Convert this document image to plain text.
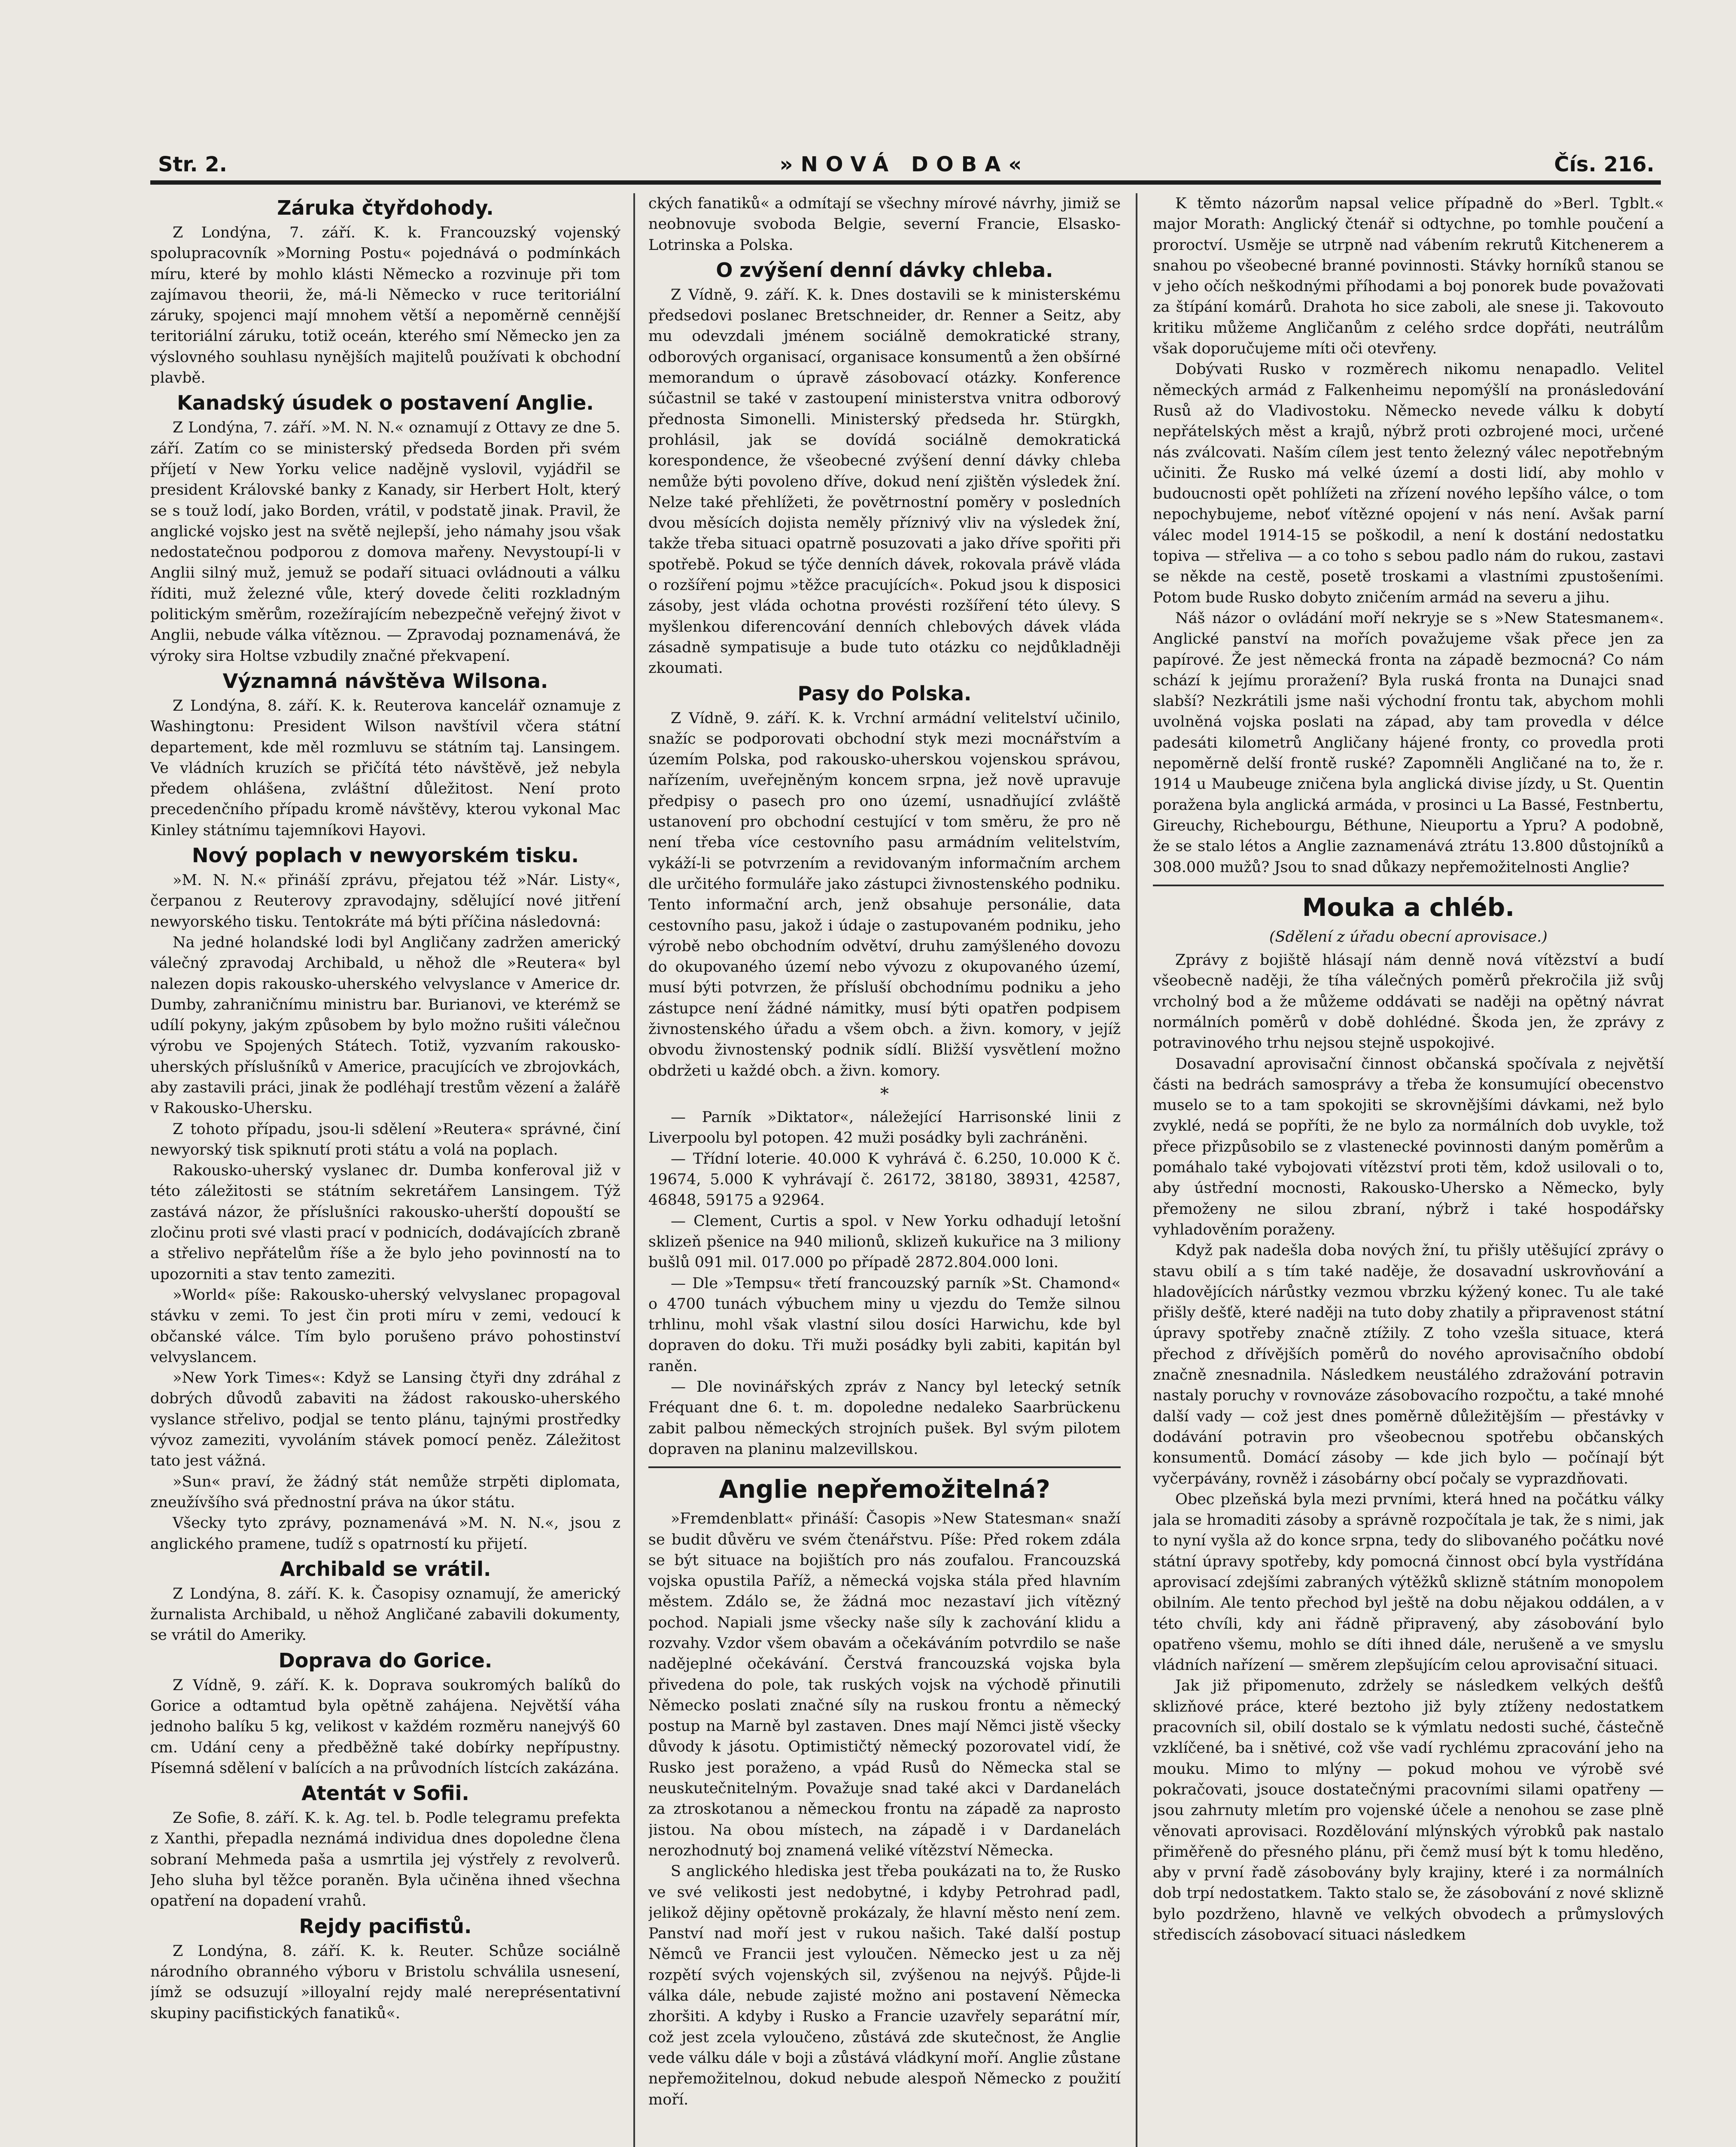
Str. 2.	»NOVÁ DOBA«	Čís. 216.
Záruka čtyřdohody.

Z Londýna, 7. září. K. k. Francouzský vojenský spolupracovník »Morning Postu« pojednává o podmínkách míru, které by mohlo klásti Německo a rozvinuje při tom zajímavou theorii, že, má-li Německo v ruce teritoriální záruky, spojenci mají mnohem větší a nepoměrně cennější teritoriální záruku, totiž oceán, kterého smí Německo jen za výslovného souhlasu nynějších majitelů používati k obchodní plavbě.

Kanadský úsudek o postavení Anglie.

Z Londýna, 7. září. »M. N. N.« oznamují z Ottavy ze dne 5. září. Zatím co se ministerský předseda Borden při svém příjetí v New Yorku velice nadějně vyslovil, vyjádřil se president Královské banky z Kanady, sir Herbert Holt, který se s touž lodí, jako Borden, vrátil, v podstatě jinak. Pravil, že anglické vojsko jest na světě nejlepší, jeho námahy jsou však nedostatečnou podporou z domova mařeny. Nevystoupí-li v Anglii silný muž, jemuž se podaří situaci ovládnouti a válku říditi, muž železné vůle, který dovede čeliti rozkladným politickým směrům, rozežírajícím nebezpečně veřejný život v Anglii, nebude válka vítěznou. — Zpravodaj poznamenává, že výroky sira Holtse vzbudily značné překvapení.

Významná návštěva Wilsona.

Z Londýna, 8. září. K. k. Reuterova kancelář oznamuje z Washingtonu: President Wilson navštívil včera státní departement, kde měl rozmluvu se státním taj. Lansingem. Ve vládních kruzích se přičítá této návštěvě, jež nebyla předem ohlášena, zvláštní důležitost. Není proto precedenčního případu kromě návštěvy, kterou vykonal Mac Kinley státnímu tajemníkovi Hayovi.

Nový poplach v newyorském tisku.

»M. N. N.« přináší zprávu, přejatou též »Nár. Listy«, čerpanou z Reuterovy zpravodajny, sdělující nové jitření newyorského tisku. Tentokráte má býti příčina následovná:

Na jedné holandské lodi byl Angličany zadržen americký válečný zpravodaj Archibald, u něhož dle »Reutera« byl nalezen dopis rakousko-uherského velvyslance v Americe dr. Dumby, zahraničnímu ministru bar. Burianovi, ve kterémž se udílí pokyny, jakým způsobem by bylo možno rušiti válečnou výrobu ve Spojených Státech. Totiž, vyzvaním rakousko-uherských příslušníků v Americe, pracujících ve zbrojovkách, aby zastavili práci, jinak že podléhají trestům vězení a žalářě v Rakousko-Uhersku.

Z tohoto případu, jsou-li sdělení »Reutera« správné, činí newyorský tisk spiknutí proti státu a volá na poplach.

Rakousko-uherský vyslanec dr. Dumba konferoval již v této záležitosti se státním sekretářem Lansingem. Týž zastává názor, že příslušníci rakousko-uherští dopouští se zločinu proti své vlasti prací v podnicích, dodávajících zbraně a střelivo nepřátelům říše a že bylo jeho povinností na to upozorniti a stav tento zameziti.

»World« píše: Rakousko-uherský velvyslanec propagoval stávku v zemi. To jest čin proti míru v zemi, vedoucí k občanské válce. Tím bylo porušeno právo pohostinství velvyslancem.

»New York Times«: Když se Lansing čtyři dny zdráhal z dobrých důvodů zabaviti na žádost rakousko-uherského vyslance střelivo, podjal se tento plánu, tajnými prostředky vývoz zameziti, vyvoláním stávek pomocí peněz. Záležitost tato jest vážná.

»Sun« praví, že žádný stát nemůže strpěti diplomata, zneužívšího svá přednostní práva na úkor státu.

Všecky tyto zprávy, poznamenává »M. N. N.«, jsou z anglického pramene, tudíž s opatrností ku přijetí.

Archibald se vrátil.

Z Londýna, 8. září. K. k. Časopisy oznamují, že americký žurnalista Archibald, u něhož Angličané zabavili dokumenty, se vrátil do Ameriky.

Doprava do Gorice.

Z Vídně, 9. září. K. k. Doprava soukromých balíků do Gorice a odtamtud byla opětně zahájena. Největší váha jednoho balíku 5 kg, velikost v každém rozměru nanejvýš 60 cm. Udání ceny a předběžně také dobírky nepřípustny. Písemná sdělení v balících a na průvodních lístcích zakázána.

Atentát v Sofii.

Ze Sofie, 8. září. K. k. Ag. tel. b. Podle telegramu prefekta z Xanthi, přepadla neznámá individua dnes dopoledne člena sobraní Mehmeda paša a usmrtila jej výstřely z revolverů. Jeho sluha byl těžce poraněn. Byla učiněna ihned všechna opatření na dopadení vrahů.

Rejdy pacifistů.

Z Londýna, 8. září. K. k. Reuter. Schůze sociálně národního obranného výboru v Bristolu schválila usnesení, jímž se odsuzují »illoyalní rejdy malé nereprésentativní skupiny pacifistických fanatiků«.

ckých fanatiků« a odmítají se všechny mírové návrhy, jimiž se neobnovuje svoboda Belgie, severní Francie, Elsasko-Lotrinska a Polska.

O zvýšení denní dávky chleba.

Z Vídně, 9. září. K. k. Dnes dostavili se k ministerskému předsedovi poslanec Bretschneider, dr. Renner a Seitz, aby mu odevzdali jménem sociálně demokratické strany, odborových organisací, organisace konsumentů a žen obšírné memorandum o úpravě zásobovací otázky. Konference súčastnil se také v zastoupení ministerstva vnitra odborový přednosta Simonelli. Ministerský předseda hr. Stürgkh, prohlásil, jak se dovídá sociálně demokratická korespondence, že všeobecné zvýšení denní dávky chleba nemůže býti povoleno dříve, dokud není zjištěn výsledek žní. Nelze také přehlížeti, že povětrnostní poměry v posledních dvou měsících dojista neměly příznivý vliv na výsledek žní, takže třeba situaci opatrně posuzovati a jako dříve spořiti při spotřebě. Pokud se týče denních dávek, rokovala právě vláda o rozšíření pojmu »těžce pracujících«. Pokud jsou k disposici zásoby, jest vláda ochotna provésti rozšíření této úlevy. S myšlenkou diferencování denních chlebových dávek vláda zásadně sympatisuje a bude tuto otázku co nejdůkladněji zkoumati.

Pasy do Polska.

Z Vídně, 9. září. K. k. Vrchní armádní velitelství učinilo, snažíc se podporovati obchodní styk mezi mocnářstvím a územím Polska, pod rakousko-uherskou vojenskou správou, nařízením, uveřejněným koncem srpna, jež nově upravuje předpisy o pasech pro ono území, usnadňující zvláště ustanovení pro obchodní cestující v tom směru, že pro ně není třeba více cestovního pasu armádním velitelstvím, vykáží-li se potvrzením a revidovaným informačním archem dle určitého formuláře jako zástupci živnostenského podniku. Tento informační arch, jenž obsahuje personálie, data cestovního pasu, jakož i údaje o zastupovaném podniku, jeho výrobě nebo obchodním odvětví, druhu zamýšleného dovozu do okupovaného území nebo vývozu z okupovaného území, musí býti potvrzen, že přísluší obchodnímu podniku a jeho zástupce není žádné námitky, musí býti opatřen podpisem živnostenského úřadu a všem obch. a živn. komory, v jejíž obvodu živnostenský podnik sídlí. Bližší vysvětlení možno obdržeti u každé obch. a živn. komory.

*

— Parník »Diktator«, náležející Harrisonské linii z Liverpoolu byl potopen. 42 muži posádky byli zachráněni.

— Třídní loterie. 40.000 K vyhrává č. 6.250, 10.000 K č. 19674, 5.000 K vyhrávají č. 26172, 38180, 38931, 42587, 46848, 59175 a 92964.

— Clement, Curtis a spol. v New Yorku odhadují letošní sklizeň pšenice na 940 milionů, sklizeň kukuřice na 3 miliony bušlů 091 mil. 017.000 po případě 2872.804.000 loni.

— Dle »Tempsu« třetí francouzský parník »St. Chamond« o 4700 tunách výbuchem miny u vjezdu do Temže silnou trhlinu, mohl však vlastní silou dosíci Harwichu, kde byl dopraven do doku. Tři muži posádky byli zabiti, kapitán byl raněn.

— Dle novinářských zpráv z Nancy byl letecký setník Fréquant dne 6. t. m. dopoledne nedaleko Saarbrückenu zabit palbou německých strojních pušek. Byl svým pilotem dopraven na planinu malzevillskou.

Anglie nepřemožitelná?

»Fremdenblatt« přináší: Časopis »New Statesman« snaží se budit důvěru ve svém čtenářstvu. Píše: Před rokem zdála se být situace na bojištích pro nás zoufalou. Francouzská vojska opustila Paříž, a německá vojska stála před hlavním městem. Zdálo se, že žádná moc nezastaví jich vítězný pochod. Napiali jsme všecky naše síly k zachování klidu a rozvahy. Vzdor všem obavám a očekáváním potvrdilo se naše nadějeplné očekávání. Čerstvá francouzská vojska byla přivedena do pole, tak ruských vojsk na východě přinutili Německo poslati značné síly na ruskou frontu a německý postup na Marně byl zastaven. Dnes mají Němci jistě všecky důvody k jásotu. Optimističtý německý pozorovatel vidí, že Rusko jest poraženo, a vpád Rusů do Německa stal se neuskutečnitelným. Považuje snad také akci v Dardanelách za ztroskotanou a německou frontu na západě za naprosto jistou. Na obou místech, na západě i v Dardanelách nerozhodnutý boj znamená veliké vítězství Německa.

S anglického hlediska jest třeba poukázati na to, že Rusko ve své velikosti jest nedobytné, i kdyby Petrohrad padl, jelikož dějiny opětovně prokázaly, že hlavní město není zem. Panství nad moří jest v rukou našich. Také další postup Němců ve Francii jest vyloučen. Německo jest u za něj rozpětí svých vojenských sil, zvýšenou na nejvýš. Půjde-li válka dále, nebude zajisté možno ani postavení Německa zhoršiti. A kdyby i Rusko a Francie uzavřely separátní mír, což jest zcela vyloučeno, zůstává zde skutečnost, že Anglie vede válku dále v boji a zůstává vládkyní moří. Anglie zůstane nepřemožitelnou, dokud nebude alespoň Německo z použití moří.

K těmto názorům napsal velice případně do »Berl. Tgblt.« major Morath: Anglický čtenář si odtychne, po tomhle poučení a proroctví. Usměje se utrpně nad vábením rekrutů Kitchenerem a snahou po všeobecné branné povinnosti. Stávky horníků stanou se v jeho očích neškodnými příhodami a boj ponorek bude považovati za štípání komárů. Drahota ho sice zaboli, ale snese ji. Takovouto kritiku můžeme Angličanům z celého srdce dopřáti, neutrálům však doporučujeme míti oči otevřeny.

Dobývati Rusko v rozměrech nikomu nenapadlo. Velitel německých armád z Falkenheimu nepomýšlí na pronásledování Rusů až do Vladivostoku. Německo nevede válku k dobytí nepřátelských měst a krajů, nýbrž proti ozbrojené moci, určené nás zválcovati. Naším cílem jest tento železný válec nepotřebným učiniti. Že Rusko má velké území a dosti lidí, aby mohlo v budoucnosti opět pohlížeti na zřízení nového lepšího válce, o tom nepochybujeme, neboť vítězné opojení v nás není. Avšak parní válec model 1914-15 se poškodil, a není k dostání nedostatku topiva — střeliva — a co toho s sebou padlo nám do rukou, zastavi se někde na cestě, posetě troskami a vlastními zpustošeními. Potom bude Rusko dobyto zničením armád na severu a jihu.

Náš názor o ovládání moří nekryje se s »New Statesmanem«. Anglické panství na mořích považujeme však přece jen za papírové. Že jest německá fronta na západě bezmocná? Co nám schází k jejímu proražení? Byla ruská fronta na Dunajci snad slabší? Nezkrátili jsme naši východní frontu tak, abychom mohli uvolněná vojska poslati na západ, aby tam provedla v délce padesáti kilometrů Angličany hájené fronty, co provedla proti nepoměrně delší frontě ruské? Zapomněli Angličané na to, že r. 1914 u Maubeuge zničena byla anglická divise jízdy, u St. Quentin poražena byla anglická armáda, v prosinci u La Bassé, Festnbertu, Gireuchy, Richebourgu, Béthune, Nieuportu a Ypru? A podobně, že se stalo létos a Anglie zaznamenává ztrátu 13.800 důstojníků a 308.000 mužů? Jsou to snad důkazy nepřemožitelnosti Anglie?

Mouka a chléb.
(Sdělení z úřadu obecní aprovisace.)

Zprávy z bojiště hlásají nám denně nová vítězství a budí všeobecně naději, že tíha válečných poměrů překročila již svůj vrcholný bod a že můžeme oddávati se naději na opětný návrat normálních poměrů v době dohlédné. Škoda jen, že zprávy z potravinového trhu nejsou stejně uspokojivé.

Dosavadní aprovisační činnost občanská spočívala z největší části na bedrách samosprávy a třeba že konsumující obecenstvo muselo se to a tam spokojiti se skrovnějšími dávkami, než bylo zvyklé, nedá se popříti, že ne bylo za normálních dob uvykle, tož přece přizpůsobilo se z vlastenecké povinnosti daným poměrům a pomáhalo také vybojovati vítězství proti těm, kdož usilovali o to, aby ústřední mocnosti, Rakousko-Uhersko a Německo, byly přemoženy ne silou zbraní, nýbrž i také hospodářsky vyhladověním poraženy.

Když pak nadešla doba nových žní, tu přišly utěšující zprávy o stavu obilí a s tím také naděje, že dosavadní uskrovňování a hladovějících nárůstky vezmou vbrzku kýžený konec. Tu ale také přišly dešťě, které naději na tuto doby zhatily a připravenost státní úpravy spotřeby značně ztížily. Z toho vzešla situace, která přechod z dřívějších poměrů do nového aprovisačního období značně znesnadnila. Následkem neustálého zdražování potravin nastaly poruchy v rovnováze zásobovacího rozpočtu, a také mnohé další vady — což jest dnes poměrně důležitějším — přestávky v dodávání potravin pro všeobecnou spotřebu občanských konsumentů. Domácí zásoby — kde jich bylo — počínají být vyčerpávány, rovněž i zásobárny obcí počaly se vyprazdňovati.

Obec plzeňská byla mezi prvními, která hned na počátku války jala se hromaditi zásoby a správně rozpočítala je tak, že s nimi, jak to nyní vyšla až do konce srpna, tedy do slibovaného počátku nové státní úpravy spotřeby, kdy pomocná činnost obcí byla vystřídána aprovisací zdejšími zabraných výtěžků sklizně státním monopolem obilním. Ale tento přechod byl ještě na dobu nějakou oddálen, a v této chvíli, kdy ani řádně připravený, aby zásobování bylo opatřeno všemu, mohlo se díti ihned dále, nerušeně a ve smyslu vládních nařízení — směrem zlepšujícím celou aprovisační situaci.

Jak již připomenuto, zdržely se následkem velkých dešťů sklizňové práce, které beztoho již byly ztíženy nedostatkem pracovních sil, obilí dostalo se k výmlatu nedosti suché, částečně vzklíčené, ba i snětivé, což vše vadí rychlému zpracování jeho na mouku. Mimo to mlýny — pokud mohou ve výrobě své pokračovati, jsouce dostatečnými pracovními silami opatřeny — jsou zahrnuty mletím pro vojenské účele a nenohou se zase plně věnovati aprovisaci. Rozdělování mlýnských výrobků pak nastalo přiměřeně do přesného plánu, při čemž musí být k tomu hleděno, aby v první řadě zásobovány byly krajiny, které i za normálních dob trpí nedostatkem. Takto stalo se, že zásobování z nové sklizně bylo pozdrženo, hlavně ve velkých obvodech a průmyslových střediscích zásobovací situaci následkem
